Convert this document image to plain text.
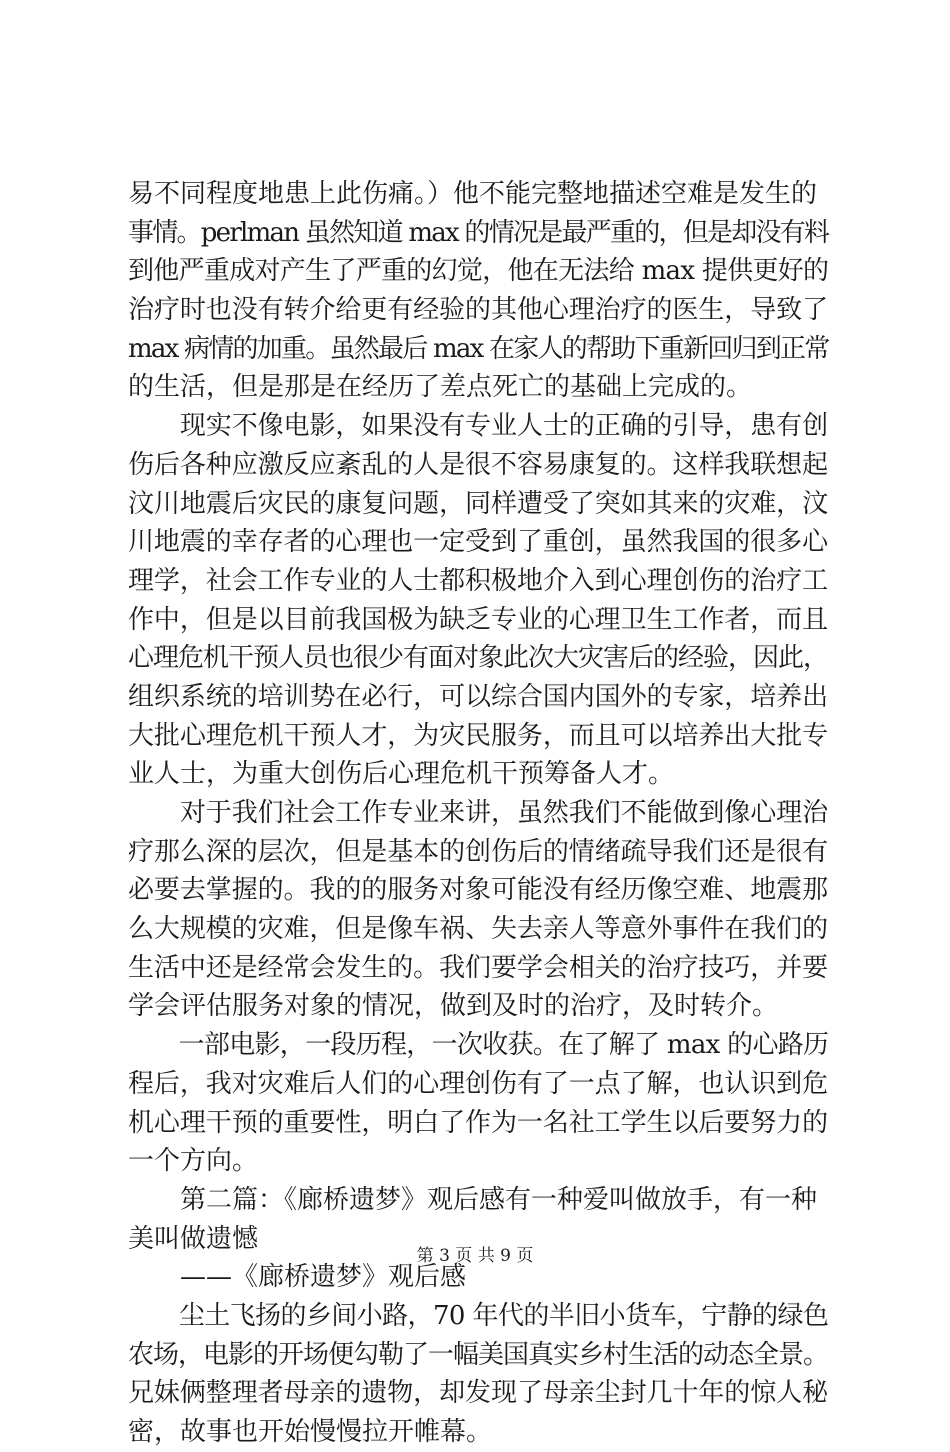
易不同程度地患上此伤痛。）他不能完整地描述空难是发生的
事情。perlman 虽然知道 max 的情况是最严重的，但是却没有料
到他严重成对产生了严重的幻觉，他在无法给 max 提供更好的
治疗时也没有转介给更有经验的其他心理治疗的医生，导致了
max 病情的加重。虽然最后 max 在家人的帮助下重新回归到正常
的生活，但是那是在经历了差点死亡的基础上完成的。
　　现实不像电影，如果没有专业人士的正确的引导，患有创
伤后各种应激反应紊乱的人是很不容易康复的。这样我联想起
汶川地震后灾民的康复问题，同样遭受了突如其来的灾难，汶
川地震的幸存者的心理也一定受到了重创，虽然我国的很多心
理学，社会工作专业的人士都积极地介入到心理创伤的治疗工
作中，但是以目前我国极为缺乏专业的心理卫生工作者，而且
心理危机干预人员也很少有面对象此次大灾害后的经验，因此，
组织系统的培训势在必行，可以综合国内国外的专家，培养出
大批心理危机干预人才，为灾民服务，而且可以培养出大批专
业人士，为重大创伤后心理危机干预筹备人才。
　　对于我们社会工作专业来讲，虽然我们不能做到像心理治
疗那么深的层次，但是基本的创伤后的情绪疏导我们还是很有
必要去掌握的。我的的服务对象可能没有经历像空难、地震那
么大规模的灾难，但是像车祸、失去亲人等意外事件在我们的
生活中还是经常会发生的。我们要学会相关的治疗技巧，并要
学会评估服务对象的情况，做到及时的治疗，及时转介。
　　一部电影，一段历程，一次收获。在了解了 max 的心路历
程后，我对灾难后人们的心理创伤有了一点了解，也认识到危
机心理干预的重要性，明白了作为一名社工学生以后要努力的
一个方向。
　　第二篇：《廊桥遗梦》观后感有一种爱叫做放手，有一种
美叫做遗憾
　　——《廊桥遗梦》观后感
　　尘土飞扬的乡间小路，70 年代的半旧小货车，宁静的绿色
农场，电影的开场便勾勒了一幅美国真实乡村生活的动态全景。
兄妹俩整理者母亲的遗物，却发现了母亲尘封几十年的惊人秘
密，故事也开始慢慢拉开帷幕。
第 3 页 共 9 页
